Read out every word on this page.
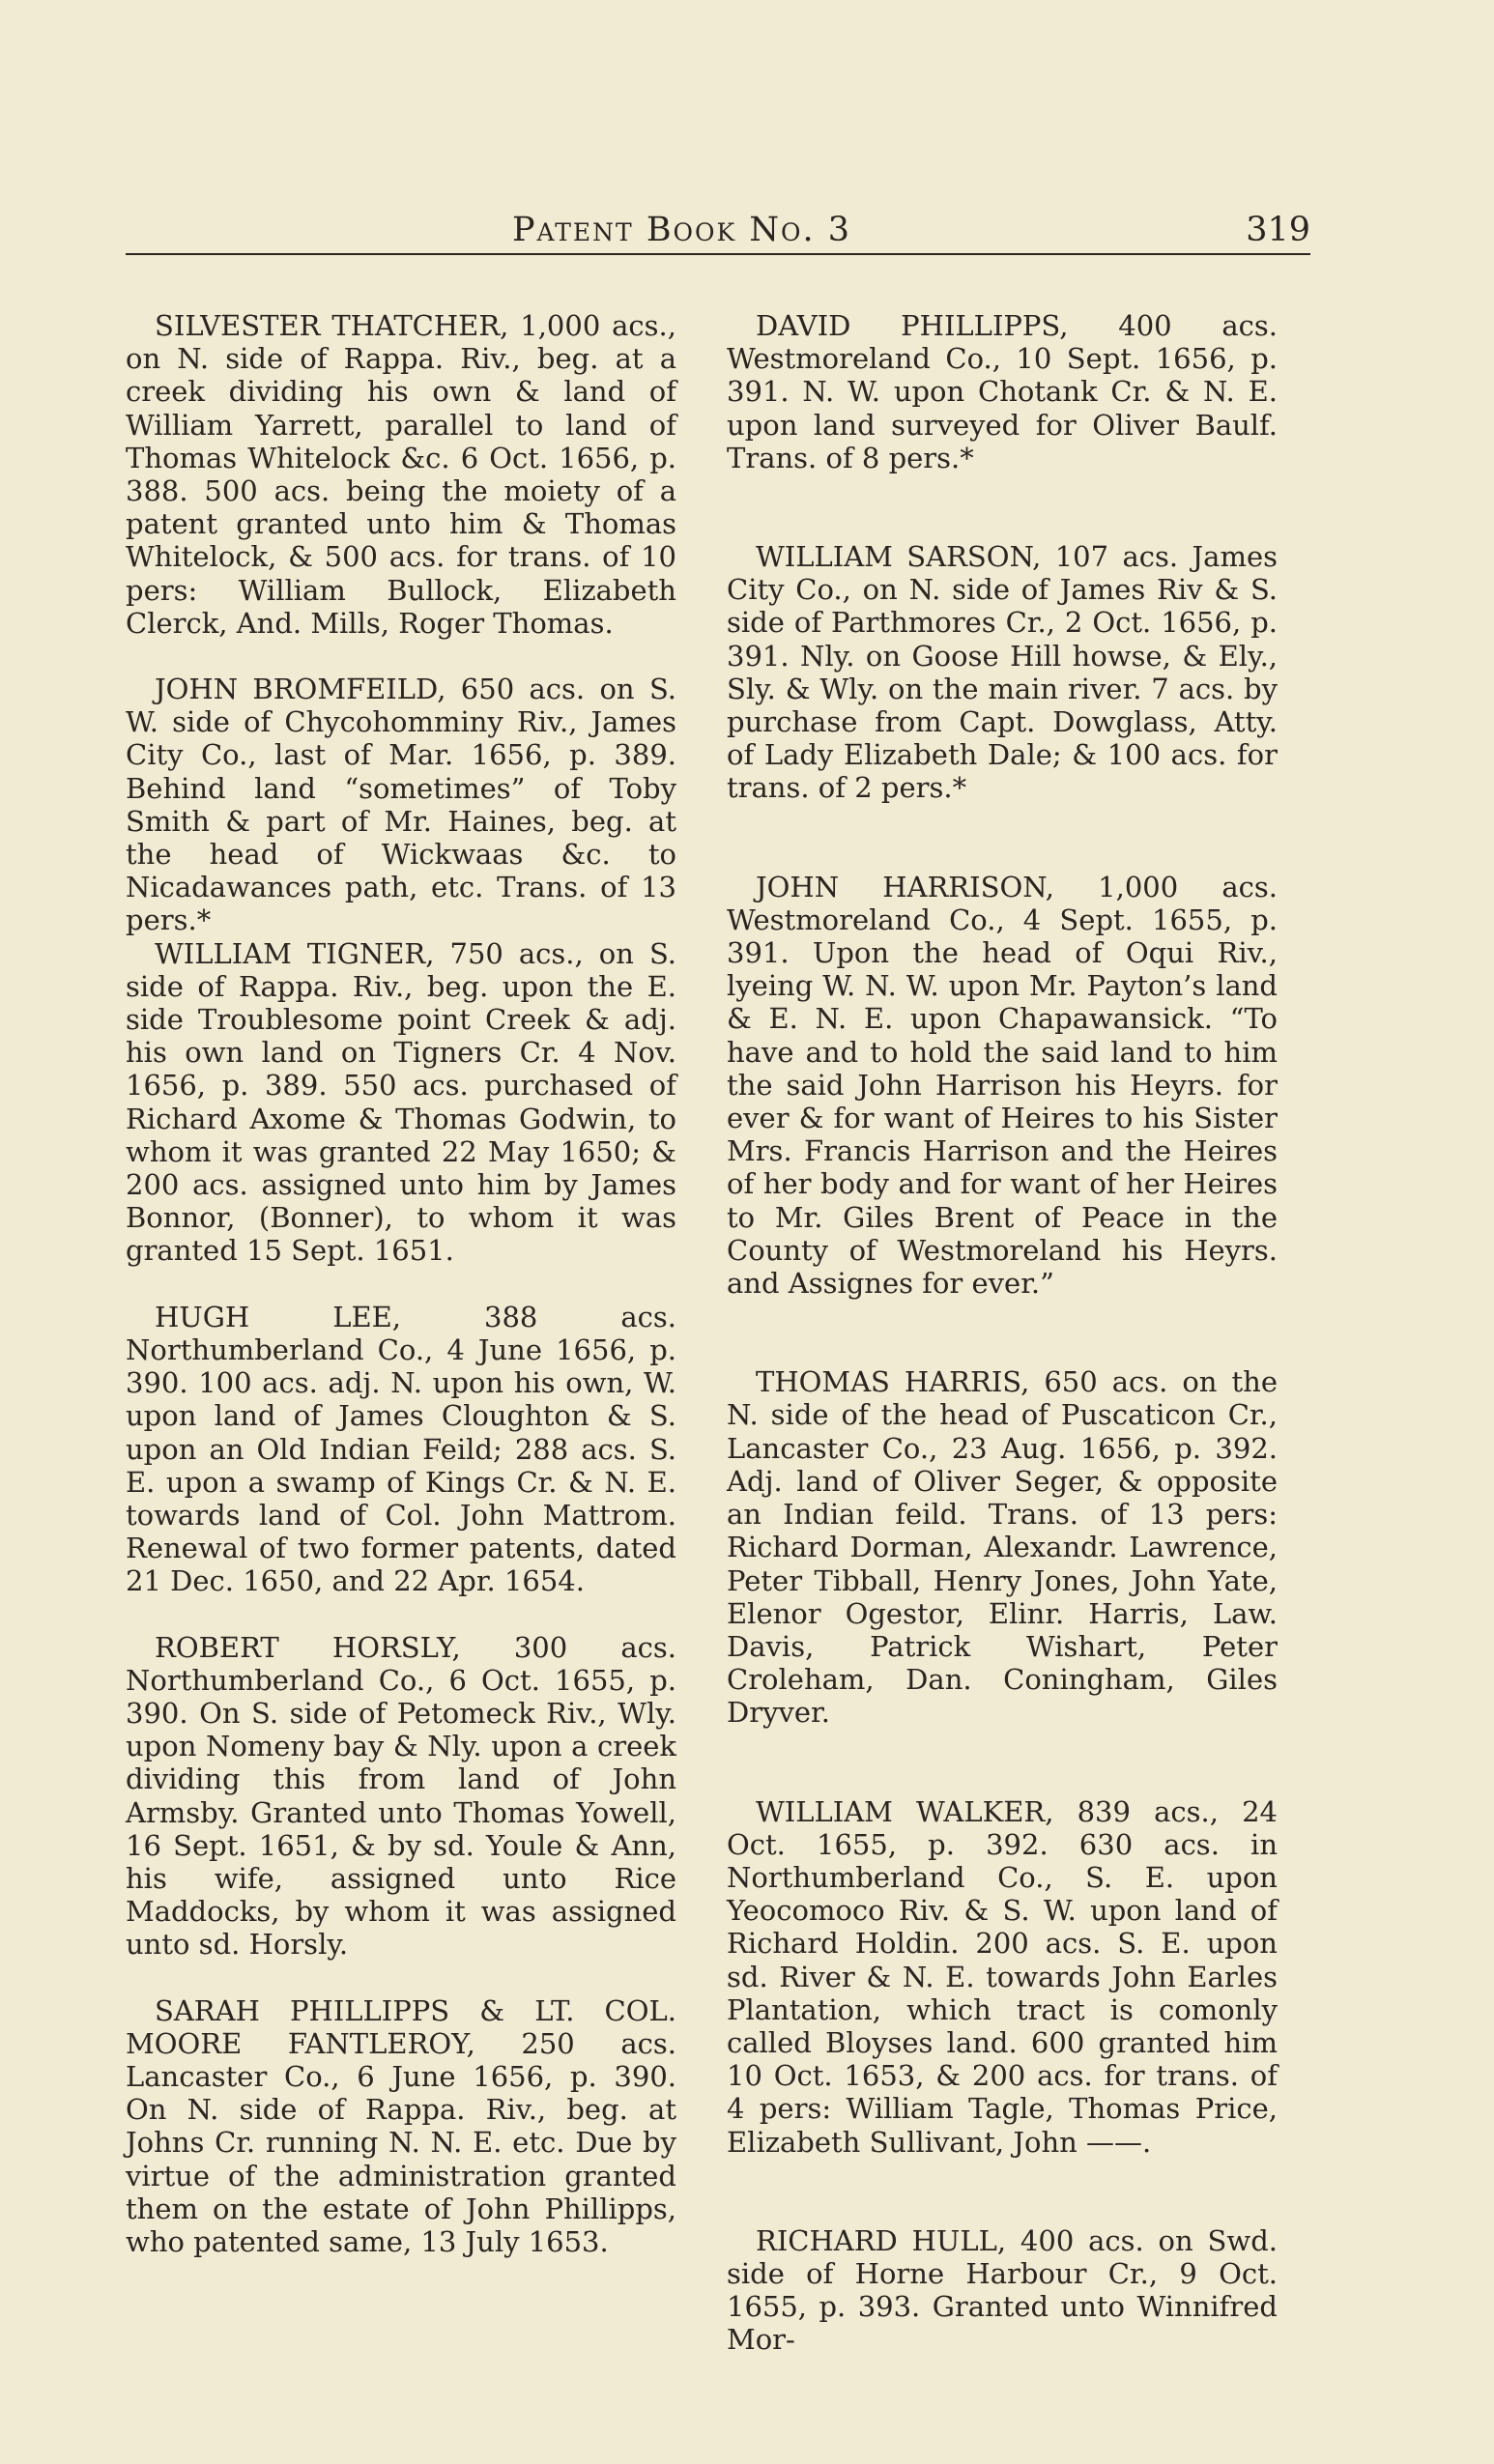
Patent Book No. 3	319

SILVESTER THATCHER, 1,000 acs., on N. side of Rappa. Riv., beg. at a creek dividing his own & land of William Yarrett, parallel to land of Thomas Whitelock &c. 6 Oct. 1656, p. 388. 500 acs. being the moiety of a patent granted unto him & Thomas Whitelock, & 500 acs. for trans. of 10 pers: William Bullock, Elizabeth Clerck, And. Mills, Roger Thomas.

JOHN BROMFEILD, 650 acs. on S. W. side of Chycohomminy Riv., James City Co., last of Mar. 1656, p. 389. Behind land “sometimes” of Toby Smith & part of Mr. Haines, beg. at the head of Wickwaas &c. to Nicadawances path, etc. Trans. of 13 pers.*

WILLIAM TIGNER, 750 acs., on S. side of Rappa. Riv., beg. upon the E. side Troublesome point Creek & adj. his own land on Tigners Cr. 4 Nov. 1656, p. 389. 550 acs. purchased of Richard Axome & Thomas Godwin, to whom it was granted 22 May 1650; & 200 acs. assigned unto him by James Bonnor, (Bonner), to whom it was granted 15 Sept. 1651.

HUGH LEE, 388 acs. Northumberland Co., 4 June 1656, p. 390. 100 acs. adj. N. upon his own, W. upon land of James Cloughton & S. upon an Old Indian Feild; 288 acs. S. E. upon a swamp of Kings Cr. & N. E. towards land of Col. John Mattrom. Renewal of two former patents, dated 21 Dec. 1650, and 22 Apr. 1654.

ROBERT HORSLY, 300 acs. Northumberland Co., 6 Oct. 1655, p. 390. On S. side of Petomeck Riv., Wly. upon Nomeny bay & Nly. upon a creek dividing this from land of John Armsby. Granted unto Thomas Yowell, 16 Sept. 1651, & by sd. Youle & Ann, his wife, assigned unto Rice Maddocks, by whom it was assigned unto sd. Horsly.

SARAH PHILLIPPS & LT. COL. MOORE FANTLEROY, 250 acs. Lancaster Co., 6 June 1656, p. 390. On N. side of Rappa. Riv., beg. at Johns Cr. running N. N. E. etc. Due by virtue of the administration granted them on the estate of John Phillipps, who patented same, 13 July 1653.

DAVID PHILLIPPS, 400 acs. Westmoreland Co., 10 Sept. 1656, p. 391. N. W. upon Chotank Cr. & N. E. upon land surveyed for Oliver Baulf. Trans. of 8 pers.*

WILLIAM SARSON, 107 acs. James City Co., on N. side of James Riv & S. side of Parthmores Cr., 2 Oct. 1656, p. 391. Nly. on Goose Hill howse, & Ely., Sly. & Wly. on the main river. 7 acs. by purchase from Capt. Dowglass, Atty. of Lady Elizabeth Dale; & 100 acs. for trans. of 2 pers.*

JOHN HARRISON, 1,000 acs. Westmoreland Co., 4 Sept. 1655, p. 391. Upon the head of Oqui Riv., lyeing W. N. W. upon Mr. Payton’s land & E. N. E. upon Chapawansick. “To have and to hold the said land to him the said John Harrison his Heyrs. for ever & for want of Heires to his Sister Mrs. Francis Harrison and the Heires of her body and for want of her Heires to Mr. Giles Brent of Peace in the County of Westmoreland his Heyrs. and Assignes for ever.”

THOMAS HARRIS, 650 acs. on the N. side of the head of Puscaticon Cr., Lancaster Co., 23 Aug. 1656, p. 392. Adj. land of Oliver Seger, & opposite an Indian feild. Trans. of 13 pers: Richard Dorman, Alexandr. Lawrence, Peter Tibball, Henry Jones, John Yate, Elenor Ogestor, Elinr. Harris, Law. Davis, Patrick Wishart, Peter Croleham, Dan. Coningham, Giles Dryver.

WILLIAM WALKER, 839 acs., 24 Oct. 1655, p. 392. 630 acs. in Northumberland Co., S. E. upon Yeocomoco Riv. & S. W. upon land of Richard Holdin. 200 acs. S. E. upon sd. River & N. E. towards John Earles Plantation, which tract is comonly called Bloyses land. 600 granted him 10 Oct. 1653, & 200 acs. for trans. of 4 pers: William Tagle, Thomas Price, Elizabeth Sullivant, John ——.

RICHARD HULL, 400 acs. on Swd. side of Horne Harbour Cr., 9 Oct. 1655, p. 393. Granted unto Winnifred Mor-
